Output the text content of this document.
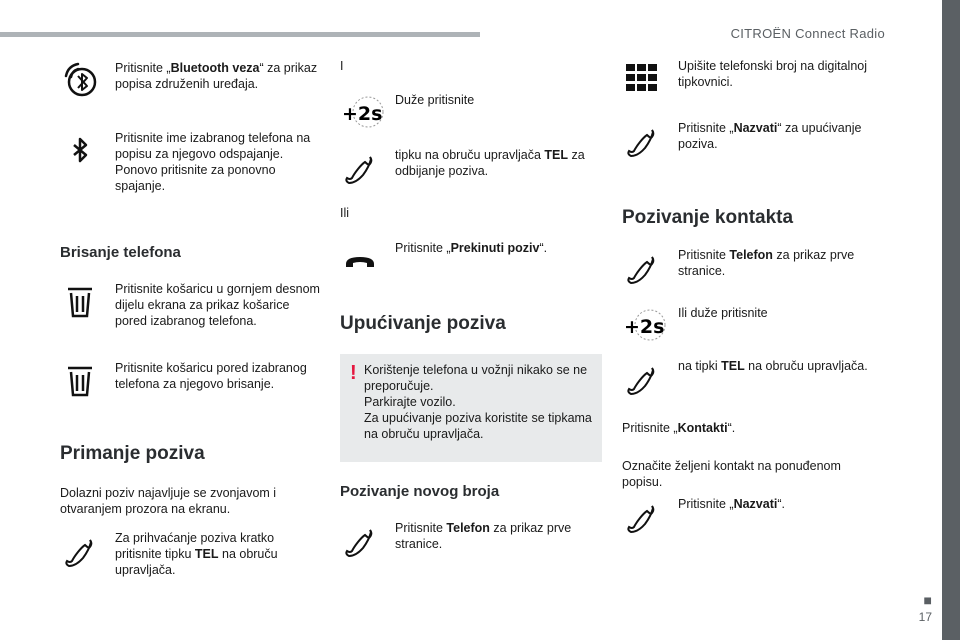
CITROËN Connect Radio
■
17
Pritisnite „Bluetooth veza“ za prikaz popisa združenih uređaja.
Pritisnite ime izabranog telefona na popisu za njegovo odspajanje. Ponovo pritisnite za ponovno spajanje.
Brisanje telefona
Pritisnite košaricu u gornjem desnom dijelu ekrana za prikaz košarice pored izabranog telefona.
Pritisnite košaricu pored izabranog telefona za njegovo brisanje.
Primanje poziva
Dolazni poziv najavljuje se zvonjavom i otvaranjem prozora na ekranu.
Za prihvaćanje poziva kratko pritisnite tipku TEL na obruču upravljača.
I
+2s
Duže pritisnite
tipku na obruču upravljača TEL za odbijanje poziva.
Ili
Pritisnite „Prekinuti poziv“.
Upućivanje poziva
! Korištenje telefona u vožnji nikako se ne preporučuje.
Parkirajte vozilo.
Za upućivanje poziva koristite se tipkama na obruču upravljača.
Pozivanje novog broja
Pritisnite Telefon za prikaz prve stranice.
Upišite telefonski broj na digitalnoj tipkovnici.
Pritisnite „Nazvati“ za upućivanje poziva.
Pozivanje kontakta
Pritisnite Telefon za prikaz prve stranice.
+2s
Ili duže pritisnite
na tipki TEL na obruču upravljača.
Pritisnite „Kontakti“.
Označite željeni kontakt na ponuđenom popisu.
Pritisnite „Nazvati“.
